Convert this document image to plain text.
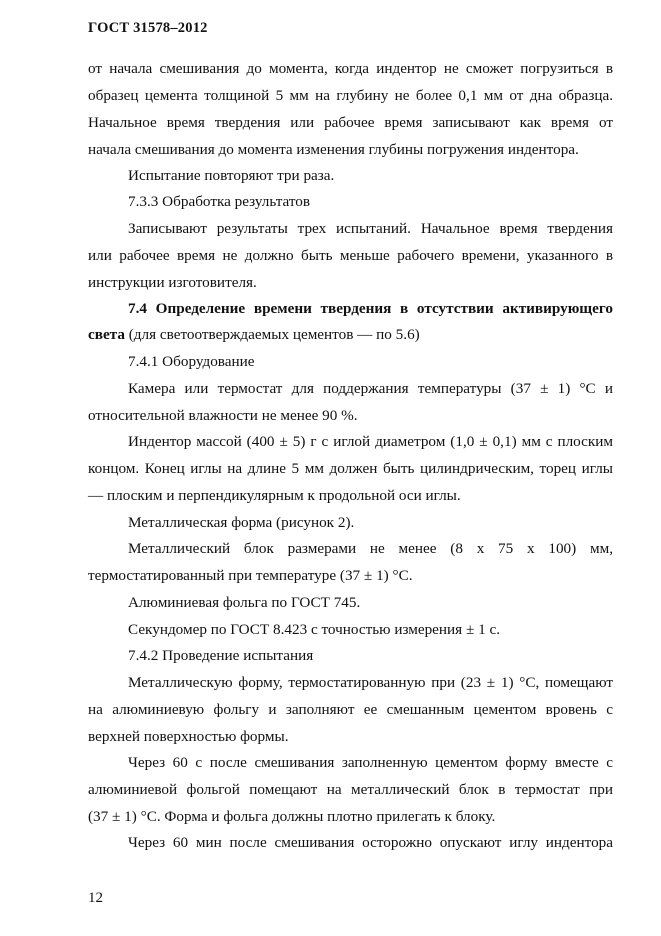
ГОСТ 31578–2012
от начала смешивания до момента, когда индентор не сможет погрузиться в
образец цемента толщиной 5 мм на глубину не более 0,1 мм от дна образца.
Начальное время твердения или рабочее время записывают как время от
начала смешивания до момента изменения глубины погружения индентора.
Испытание повторяют три раза.
7.3.3 Обработка результатов
Записывают результаты трех испытаний. Начальное время твердения
или рабочее время не должно быть меньше рабочего времени, указанного в
инструкции изготовителя.
7.4 Определение времени твердения в отсутствии активирующего
света (для светоотверждаемых цементов — по 5.6)
7.4.1 Оборудование
Камера или термостат для поддержания температуры (37 ± 1) °С и
относительной влажности не менее 90 %.
Индентор массой (400 ± 5) г с иглой диаметром (1,0 ± 0,1) мм с плоским
концом. Конец иглы на длине 5 мм должен быть цилиндрическим, торец иглы
— плоским и перпендикулярным к продольной оси иглы.
Металлическая форма (рисунок 2).
Металлический блок размерами не менее (8 х 75 х 100) мм,
термостатированный при температуре (37 ± 1) °С.
Алюминиевая фольга по ГОСТ 745.
Секундомер по ГОСТ 8.423 с точностью измерения ± 1 с.
7.4.2 Проведение испытания
Металлическую форму, термостатированную при (23 ± 1) °С, помещают
на алюминиевую фольгу и заполняют ее смешанным цементом вровень с
верхней поверхностью формы.
Через 60 с после смешивания заполненную цементом форму вместе с
алюминиевой фольгой помещают на металлический блок в термостат при
(37 ± 1) °С. Форма и фольга должны плотно прилегать к блоку.
Через 60 мин после смешивания осторожно опускают иглу индентора
12
